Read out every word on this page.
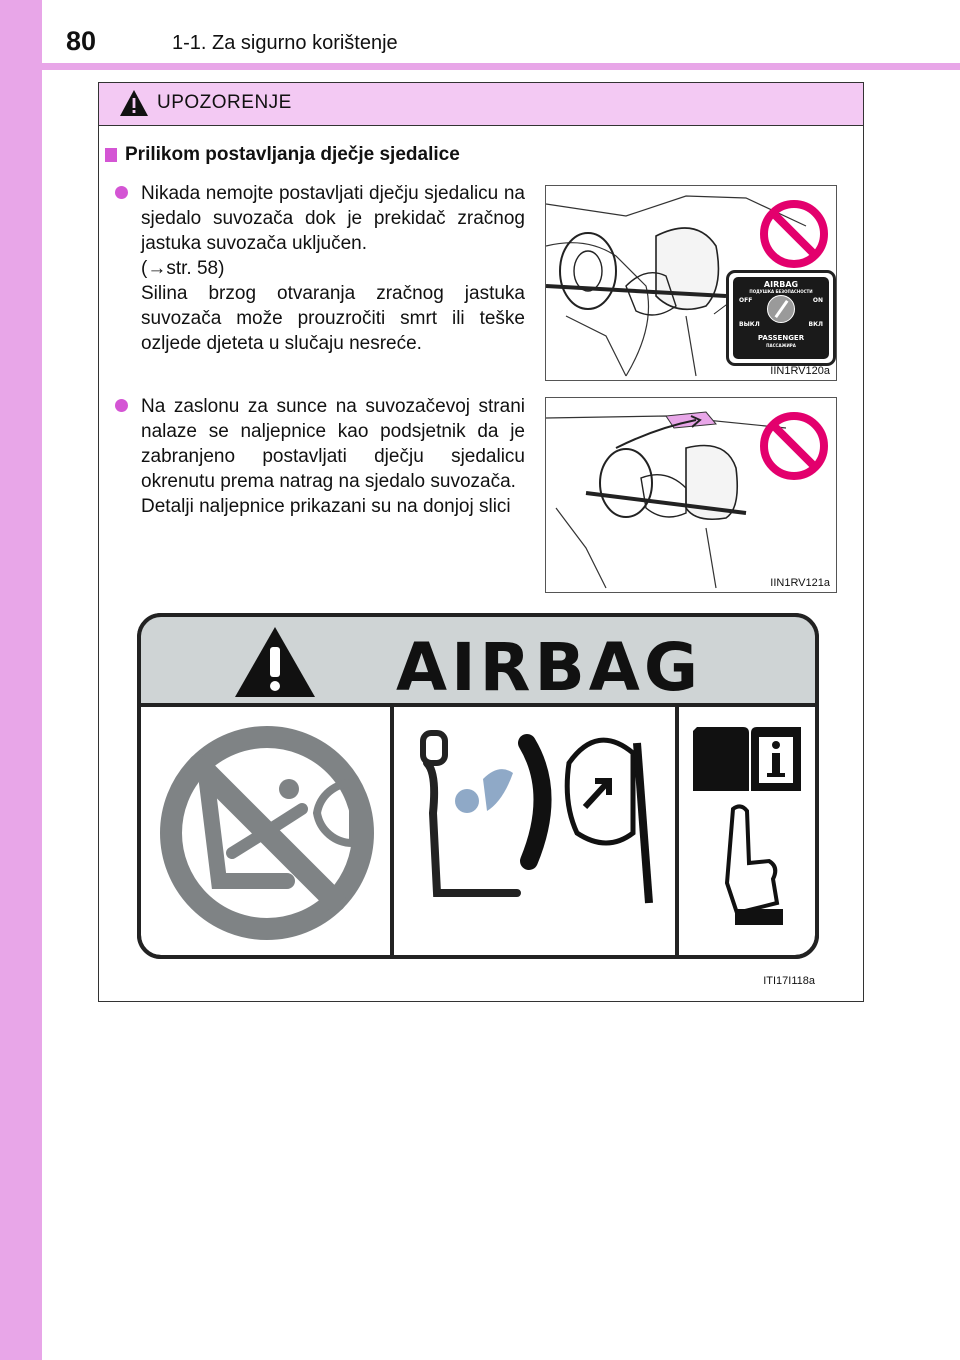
80	1-1. Za sigurno korištenje
UPOZORENJE
Prilikom postavljanja dječje sjedalice

Nikada nemojte postavljati dječju sjedalicu na sjedalo suvozača dok je prekidač zračnog jastuka suvozača uključen.

(→str. 58)

Silina brzog otvaranja zračnog jastuka suvozača može prouzročiti smrt ili teške ozljede djeteta u slučaju nesreće.

AIRBAG
ПОДУШКА БЕЗОПАСНОСТИ
OFF	ON
ВЫКЛ	ВКЛ
PASSENGER
ПАССАЖИРА
IIN1RV120a

Na zaslonu za sunce na suvozačevoj strani nalaze se naljepnice kao podsjetnik da je zabranjeno postavljati dječju sjedalicu okrenutu prema natrag na sjedalo suvozača.

Detalji naljepnice prikazani su na donjoj slici

IIN1RV121a
AIRBAG
ITI17I118a
